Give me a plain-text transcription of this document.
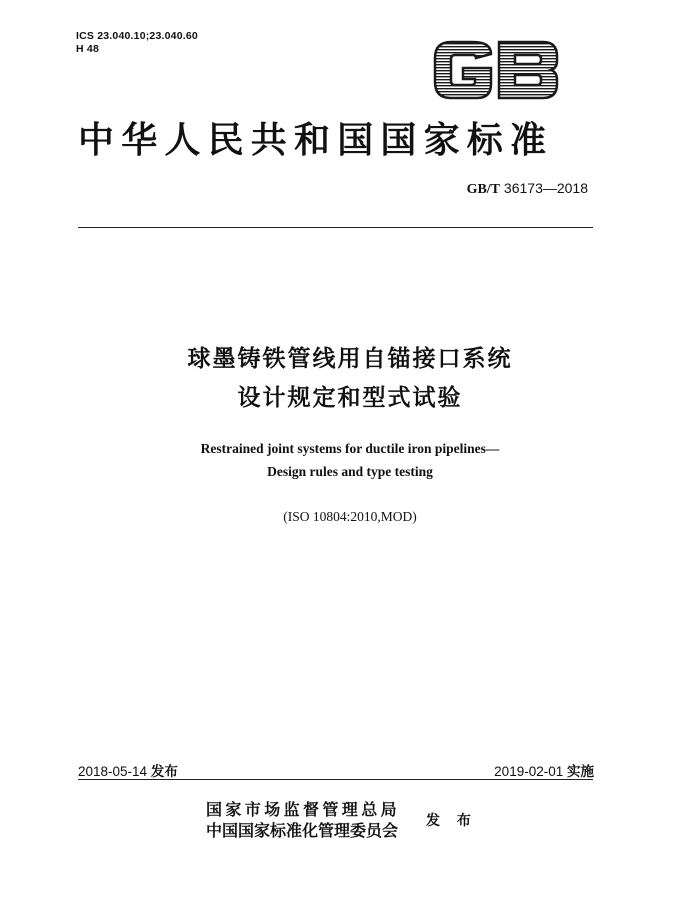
ICS 23.040.10;23.040.60
H 48
中华人民共和国国家标准
GB/T 36173—2018
球墨铸铁管线用自锚接口系统
设计规定和型式试验
Restrained joint systems for ductile iron pipelines—
Design rules and type testing
(ISO 10804:2010,MOD)
2018-05-14 发布	2019-02-01 实施
国家市场监督管理总局
中国国家标准化管理委员会 发 布
